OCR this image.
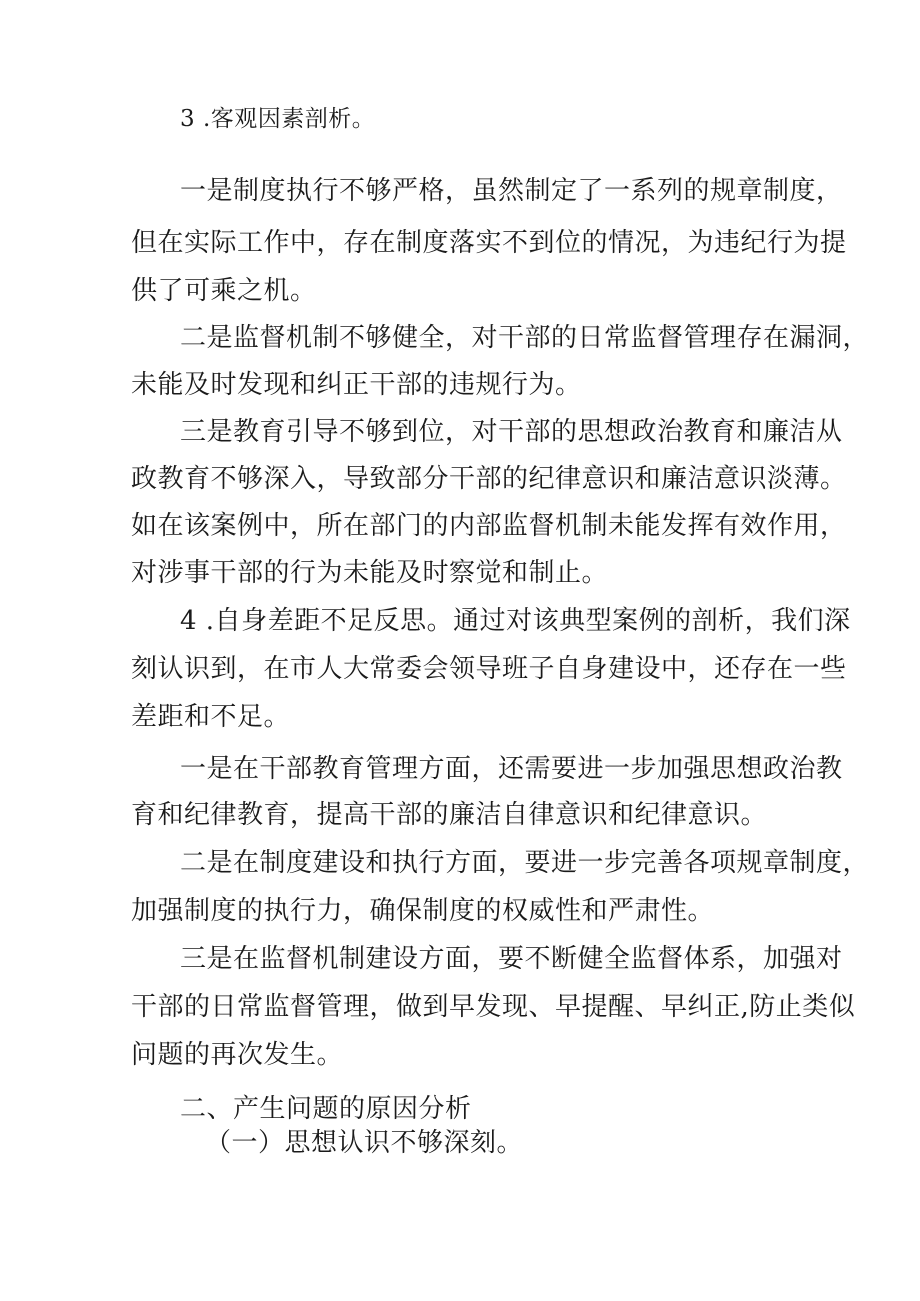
3 .客观因素剖析。
一是制度执行不够严格，虽然制定了一系列的规章制度，
但在实际工作中，存在制度落实不到位的情况，为违纪行为提
供了可乘之机。
二是监督机制不够健全，对干部的日常监督管理存在漏洞，
未能及时发现和纠正干部的违规行为。
三是教育引导不够到位，对干部的思想政治教育和廉洁从
政教育不够深入，导致部分干部的纪律意识和廉洁意识淡薄。
如在该案例中，所在部门的内部监督机制未能发挥有效作用，
对涉事干部的行为未能及时察觉和制止。
4 .自身差距不足反思。通过对该典型案例的剖析，我们深
刻认识到，在市人大常委会领导班子自身建设中，还存在一些
差距和不足。
一是在干部教育管理方面，还需要进一步加强思想政治教
育和纪律教育，提高干部的廉洁自律意识和纪律意识。
二是在制度建设和执行方面，要进一步完善各项规章制度，
加强制度的执行力，确保制度的权威性和严肃性。
三是在监督机制建设方面，要不断健全监督体系，加强对
干部的日常监督管理，做到早发现、早提醒、早纠正,防止类似
问题的再次发生。
二、产生问题的原因分析
（一）思想认识不够深刻。
